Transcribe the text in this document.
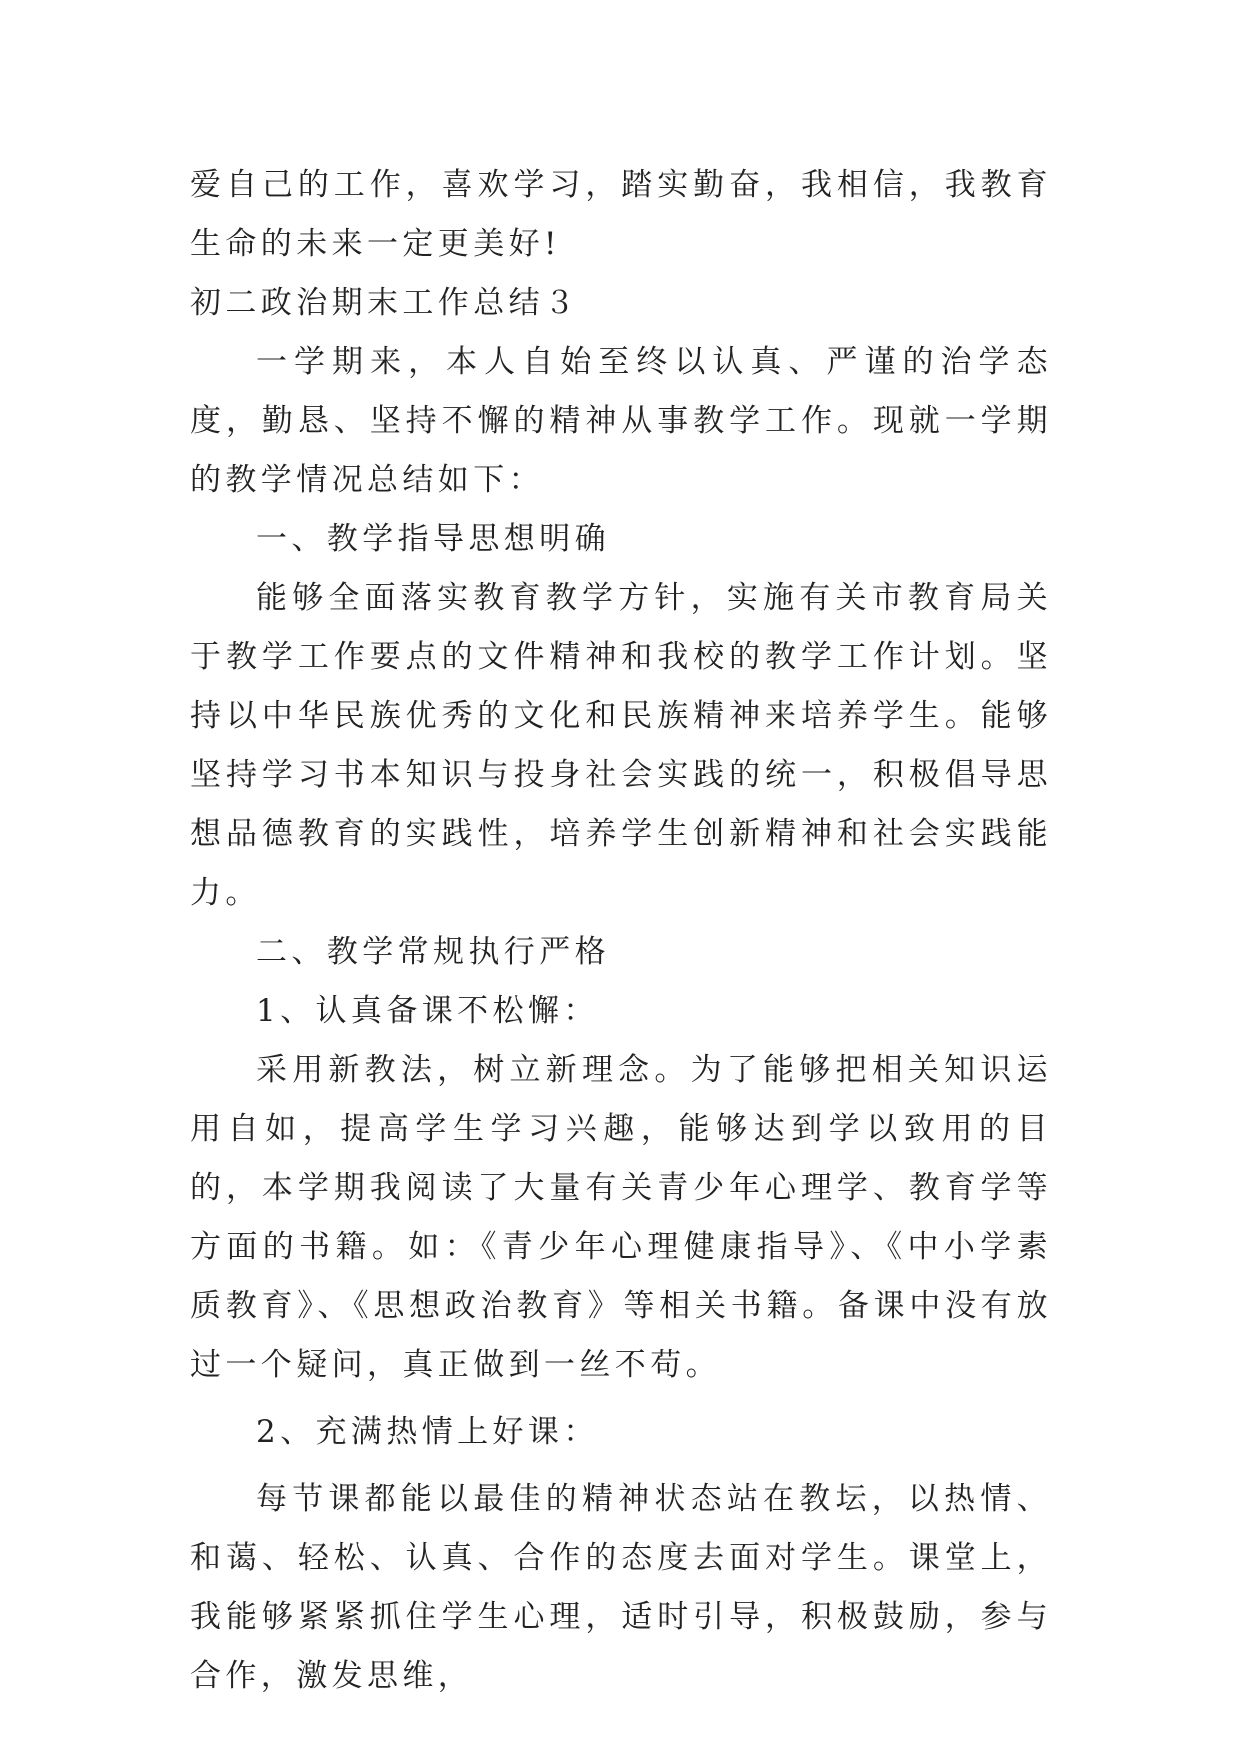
爱自己的工作，喜欢学习，踏实勤奋，我相信，我教育生命的未来一定更美好!

初二政治期末工作总结３

一学期来，本人自始至终以认真、严谨的治学态度，勤恳、坚持不懈的精神从事教学工作。现就一学期的教学情况总结如下：

一、教学指导思想明确

能够全面落实教育教学方针，实施有关市教育局关于教学工作要点的文件精神和我校的教学工作计划。坚持以中华民族优秀的文化和民族精神来培养学生。能够坚持学习书本知识与投身社会实践的统一，积极倡导思想品德教育的实践性，培养学生创新精神和社会实践能力。

二、教学常规执行严格

1、认真备课不松懈：

采用新教法，树立新理念。为了能够把相关知识运用自如，提高学生学习兴趣，能够达到学以致用的目的，本学期我阅读了大量有关青少年心理学、教育学等方面的书籍。如：《青少年心理健康指导》、《中小学素质教育》、《思想政治教育》等相关书籍。备课中没有放过一个疑问，真正做到一丝不苟。

2、充满热情上好课：

每节课都能以最佳的精神状态站在教坛，以热情、和蔼、轻松、认真、合作的态度去面对学生。课堂上，我能够紧紧抓住学生心理，适时引导，积极鼓励，参与合作，激发思维，
